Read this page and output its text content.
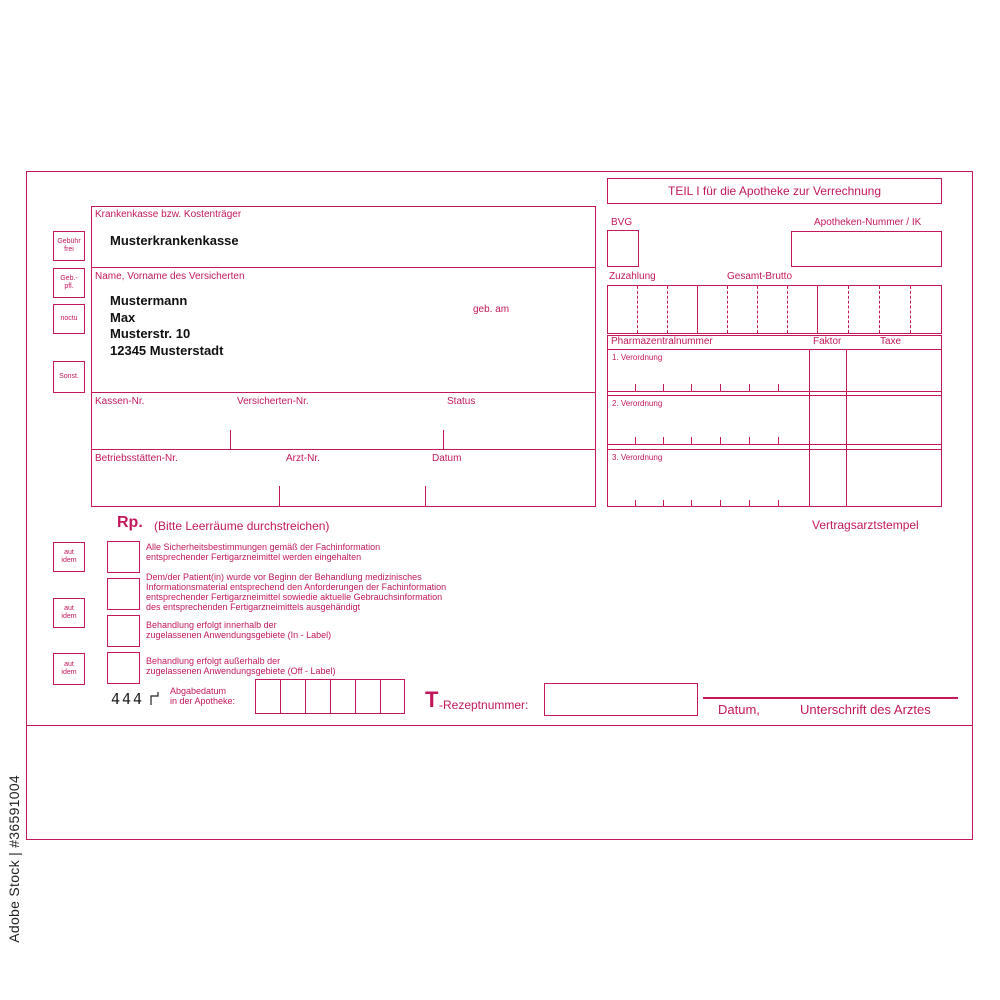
TEIL I für die Apotheke zur Verrechnung
Krankenkasse bzw. Kostenträger
Musterkrankenkasse
Name, Vorname des Versicherten
Mustermann
Max
Musterstr. 10
12345 Musterstadt
geb. am
Kassen-Nr.	Versicherten-Nr.	Status
Betriebsstätten-Nr.	Arzt-Nr.	Datum
Gebühr
frei
Geb.-
pfl.
noctu
Sonst.
BVG	Apotheken-Nummer / IK
Zuzahlung	Gesamt-Brutto
Pharmazentralnummer	Faktor	Taxe
1. Verordnung
2. Verordnung
3. Verordnung
Rp. (Bitte Leerräume durchstreichen)	Vertragsarztstempel
aut
idem
aut
idem
aut
idem
Alle Sicherheitsbestimmungen gemäß der Fachinformation
entsprechender Fertigarzneimittel werden eingehalten
Dem/der Patient(in) wurde vor Beginn der Behandlung medizinisches
Informationsmaterial entsprechend den Anforderungen der Fachinformation
entsprechender Fertigarzneimittel sowiedie aktuelle Gebrauchsinformation
des entsprechenden Fertigarzneimittels ausgehändigt
Behandlung erfolgt innerhalb der
zugelassenen Anwendungsgebiete (In - Label)
Behandlung erfolgt außerhalb der
zugelassenen Anwendungsgebiete (Off - Label)
444	Abgabedatum
in der Apotheke:	T -Rezeptnummer:	Datum,	Unterschrift des Arztes
Adobe Stock | #36591004
